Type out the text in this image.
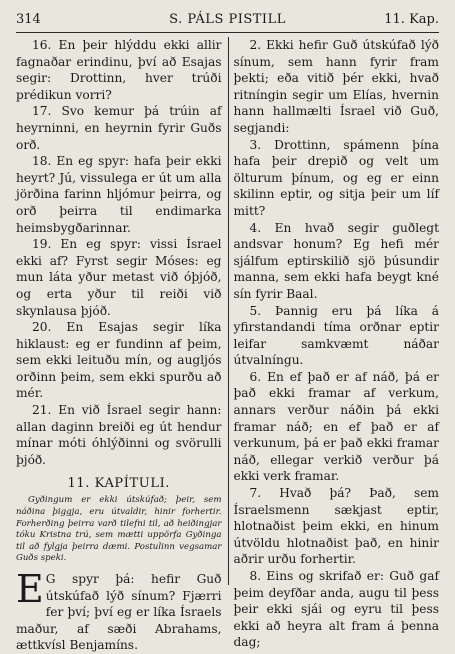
314	S. PÁLS PISTILL	11. Kap.

16. En þeir hlýddu ekki allir fagnaðar erindinu, því að Esajas segir: Drottinn, hver trúði prédikun vorri?

17. Svo kemur þá trúin af heyrninni, en heyrnin fyrir Guðs orð.

18. En eg spyr: hafa þeir ekki heyrt? Jú, vissulega er út um alla jörðina farinn hljómur þeirra, og orð þeirra til endimarka heimsbygðarinnar.

19. En eg spyr: vissi Ísrael ekki af? Fyrst segir Móses: eg mun láta yður metast við óþjóð, og erta yður til reiði við skynlausa þjóð.

20. En Esajas segir líka hiklaust: eg er fundinn af þeim, sem ekki leituðu mín, og augljós orðinn þeim, sem ekki spurðu að mér.

21. En við Ísrael segir hann: allan daginn breiði eg út hendur mínar móti óhlýðinni og svörulli þjóð.

11. KAPÍTULI.

Gyðingum er ekki útskúfað; þeir, sem náðina þiggja, eru útvaldir, hinir forhertir. Forherðing þeirra varð tilefni til, að heiðingjar tóku Kristna trú, sem mætti uppörfa Gyðinga til að fylgja þeirra dæmi. Postulinn vegsamar Guðs speki.

E G spyr þá: hefir Guð útskúfað lýð sínum? Fjærri fer því; því eg er líka Ísraels maður, af sæði Abrahams, ættkvísl Benjamíns.

2. Ekki hefir Guð útskúfað lýð sínum, sem hann fyrir fram þekti; eða vitið þér ekki, hvað ritníngin segir um Elías, hvernin hann hallmælti Ísrael við Guð, segjandi:

3. Drottinn, spámenn þína hafa þeir drepið og velt um ölturum þínum, og eg er einn skilinn eptir, og sitja þeir um líf mitt?

4. En hvað segir guðlegt andsvar honum? Eg hefi mér sjálfum eptirskilið sjö þúsundir manna, sem ekki hafa beygt kné sín fyrir Baal.

5. Þannig eru þá líka á yfirstandandi tíma orðnar eptir leifar samkvæmt náðar útvalníngu.

6. En ef það er af náð, þá er það ekki framar af verkum, annars verður náðin þá ekki framar náð; en ef það er af verkunum, þá er það ekki framar náð, ellegar verkið verður þá ekki verk framar.

7. Hvað þá? Það, sem Ísraelsmenn sækjast eptir, hlotnaðist þeim ekki, en hinum útvöldu hlotnaðist það, en hinir aðrir urðu forhertir.

8. Eins og skrifað er: Guð gaf þeim deyfðar anda, augu til þess þeir ekki sjái og eyru til þess ekki að heyra alt fram á þenna dag;
